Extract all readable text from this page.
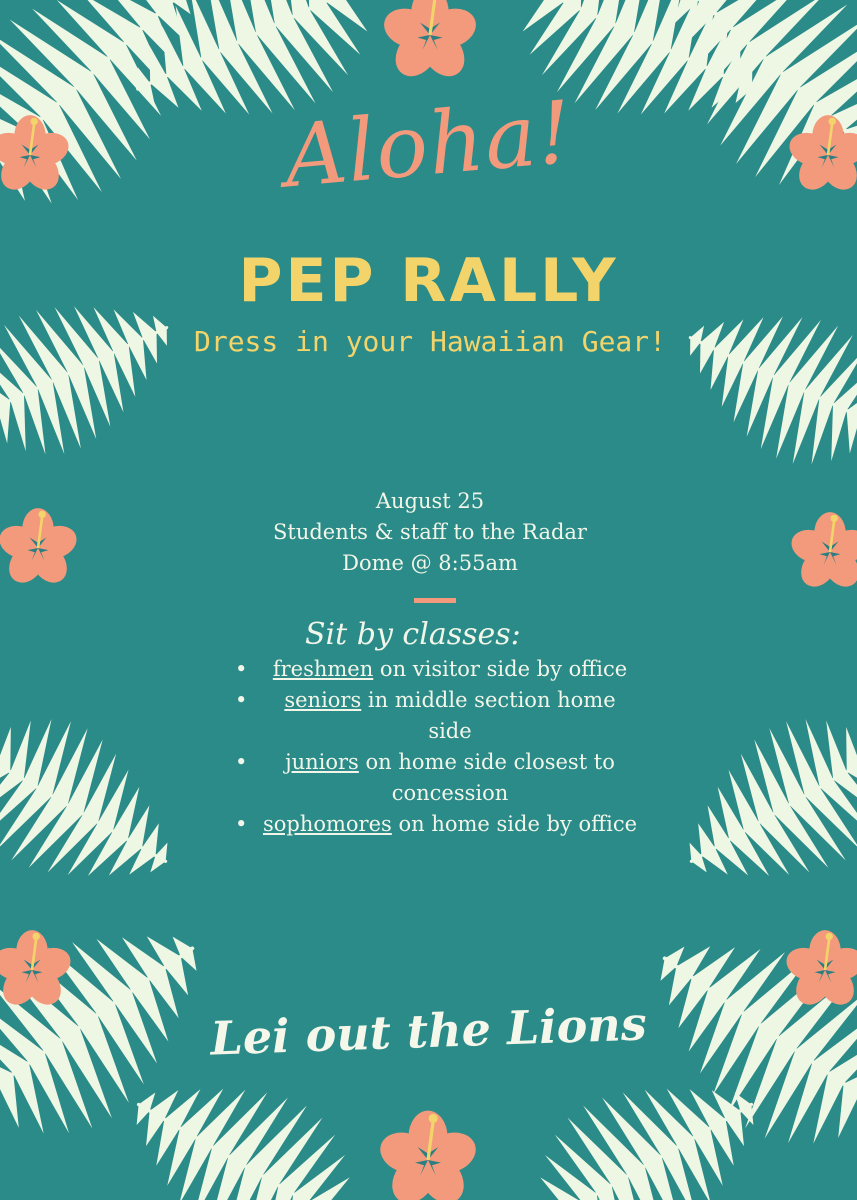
Aloha!
PEP RALLY
Dress in your Hawaiian Gear!
August 25
Students & staff to the Radar
Dome @ 8:55am
Sit by classes:
• freshmen on visitor side by office
• seniors in middle section home side
• juniors on home side closest to concession
• sophomores on home side by office
Lei out the Lions
